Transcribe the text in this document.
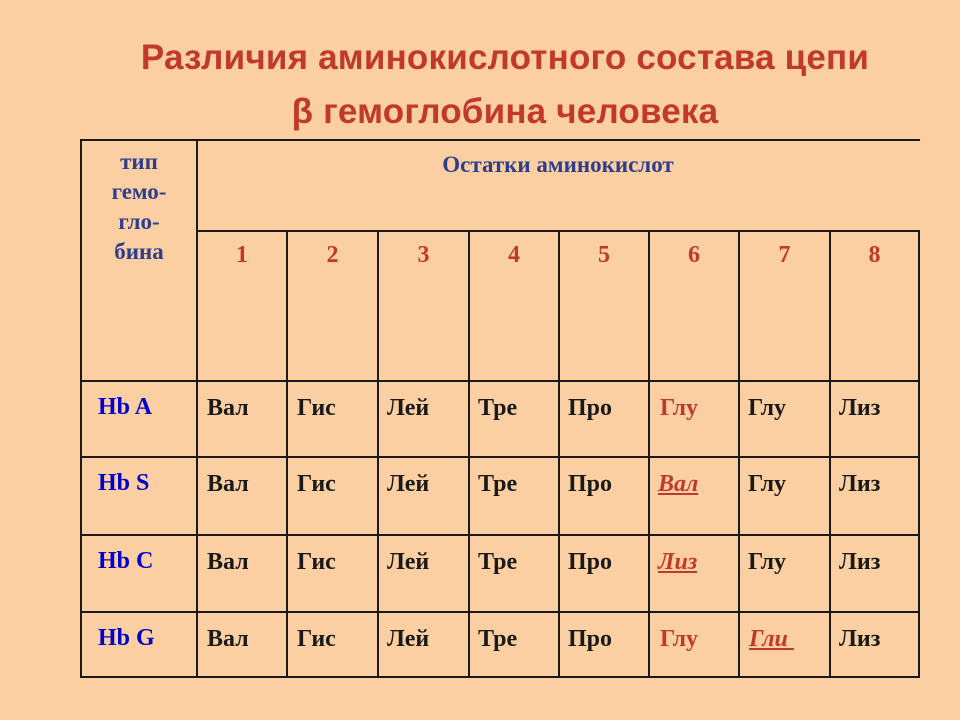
Различия аминокислотного состава цепи
β гемоглобина человека
тип
гемо-
гло-
бина
Остатки аминокислот
1	2	3	4	5	6	7	8
Hb A Вал Гис Лей Тре Про Глу Глу Лиз
Hb S Вал Гис Лей Тре Про Вал Глу Лиз
Hb C Вал Гис Лей Тре Про Лиз Глу Лиз
Hb G Вал Гис Лей Тре Про Глу Гли Лиз
